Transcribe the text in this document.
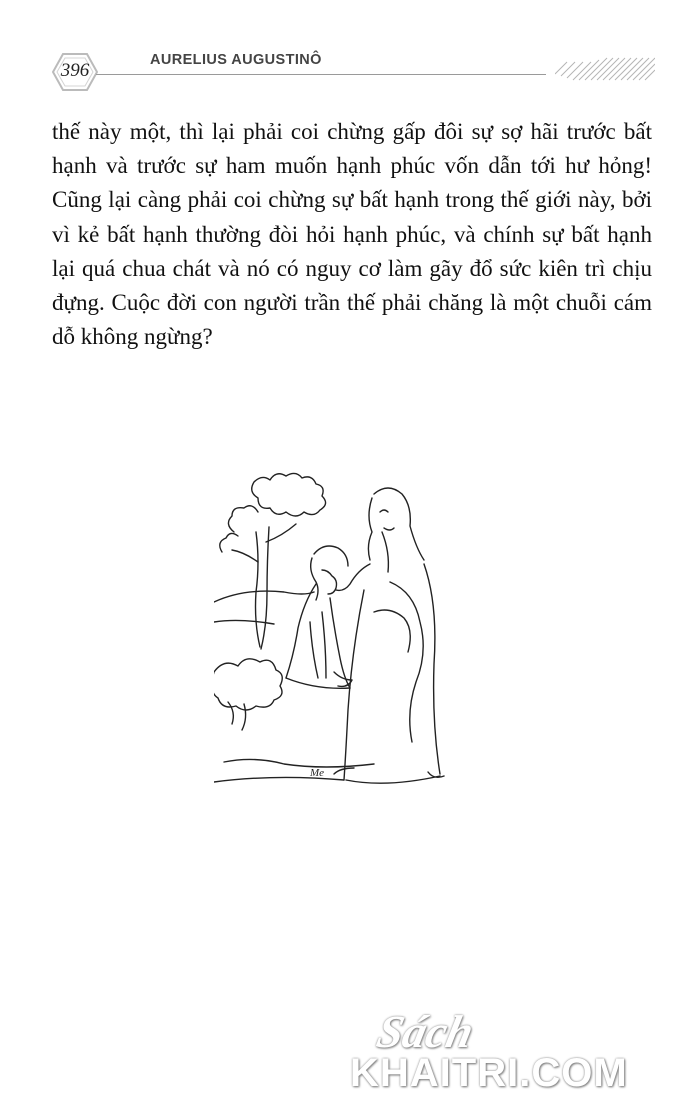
396	AURELIUS AUGUSTINÔ

thế này một, thì lại phải coi chừng gấp đôi sự sợ hãi trước bất hạnh và trước sự ham muốn hạnh phúc vốn dẫn tới hư hỏng! Cũng lại càng phải coi chừng sự bất hạnh trong thế giới này, bởi vì kẻ bất hạnh thường đòi hỏi hạnh phúc, và chính sự bất hạnh lại quá chua chát và nó có nguy cơ làm gãy đổ sức kiên trì chịu đựng. Cuộc đời con người trần thế phải chăng là một chuỗi cám dỗ không ngừng?

Me
Sách
KHAITRI.COM
